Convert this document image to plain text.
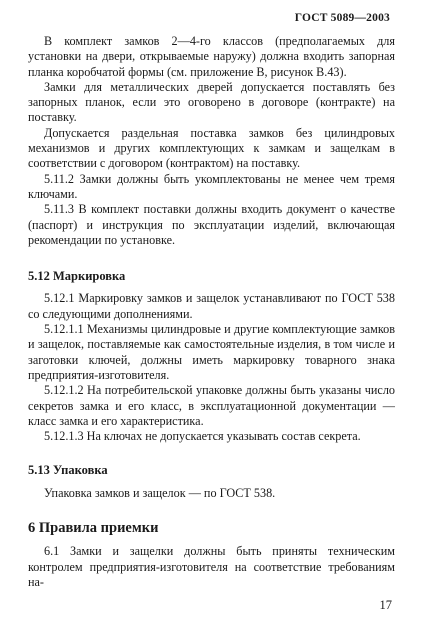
ГОСТ 5089—2003

В комплект замков 2—4-го классов (предполагаемых для установки на двери, открываемые наружу) должна входить запорная планка коробчатой формы (см. приложение В, рисунок В.43).

Замки для металлических дверей допускается поставлять без запорных планок, если это оговорено в договоре (контракте) на поставку.

Допускается раздельная поставка замков без цилиндровых механизмов и других комплектующих к замкам и защелкам в соответствии с договором (контрактом) на поставку.

5.11.2 Замки должны быть укомплектованы не менее чем тремя ключами.

5.11.3 В комплект поставки должны входить документ о качестве (паспорт) и инструкция по эксплуатации изделий, включающая рекомендации по установке.

5.12 Маркировка

5.12.1 Маркировку замков и защелок устанавливают по ГОСТ 538 со следующими дополнениями.

5.12.1.1 Механизмы цилиндровые и другие комплектующие замков и защелок, поставляемые как самостоятельные изделия, в том числе и заготовки ключей, должны иметь маркировку товарного знака предприятия-изготовителя.

5.12.1.2 На потребительской упаковке должны быть указаны число секретов замка и его класс, в эксплуатационной документации — класс замка и его характеристика.

5.12.1.3 На ключах не допускается указывать состав секрета.

5.13 Упаковка

Упаковка замков и защелок — по ГОСТ 538.

6 Правила приемки

6.1 Замки и защелки должны быть приняты техническим контролем предприятия-изготовителя на соответствие требованиям на-

17
